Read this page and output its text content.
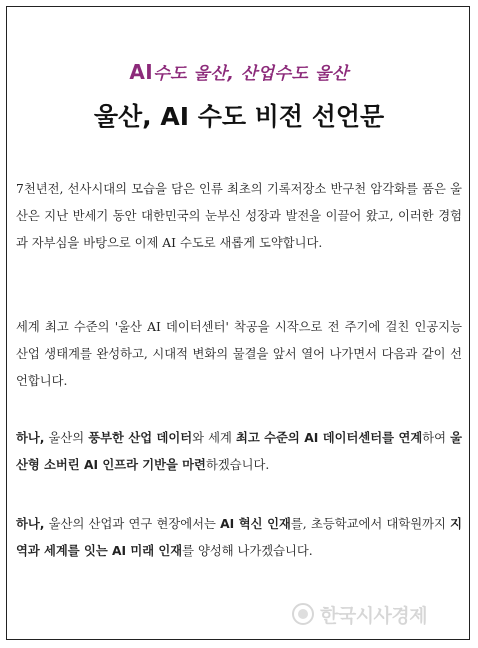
AI수도 울산, 산업수도 울산
울산, AI 수도 비전 선언문
7천년전, 선사시대의 모습을 담은 인류 최초의 기록저장소 반구천 암각화를 품은 울산은 지난 반세기 동안 대한민국의 눈부신 성장과 발전을 이끌어 왔고, 이러한 경험과 자부심을 바탕으로 이제 AI 수도로 새롭게 도약합니다.
세계 최고 수준의 '울산 AI 데이터센터' 착공을 시작으로 전 주기에 걸친 인공지능 산업 생태계를 완성하고, 시대적 변화의 물결을 앞서 열어 나가면서 다음과 같이 선언합니다.
하나, 울산의 풍부한 산업 데이터와 세계 최고 수준의 AI 데이터센터를 연계하여 울산형 소버린 AI 인프라 기반을 마련하겠습니다.
하나, 울산의 산업과 연구 현장에서는 AI 혁신 인재를, 초등학교에서 대학원까지 지역과 세계를 잇는 AI 미래 인재를 양성해 나가겠습니다.
한국시사경제
